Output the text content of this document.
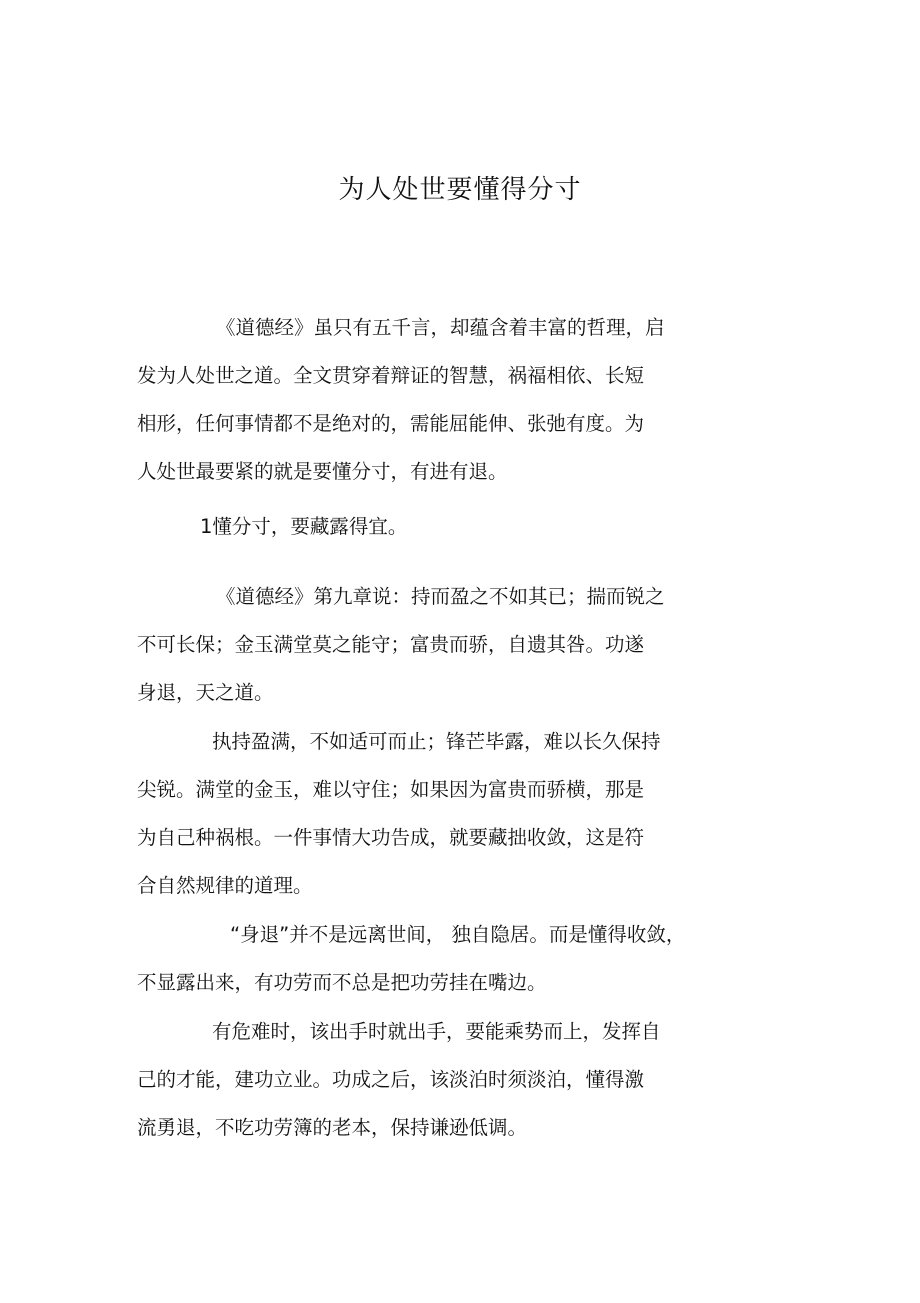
为人处世要懂得分寸
《道德经》虽只有五千言，却蕴含着丰富的哲理，启
发为人处世之道。全文贯穿着辩证的智慧，祸福相依、长短
相形，任何事情都不是绝对的，需能屈能伸、张弛有度。为
人处世最要紧的就是要懂分寸，有进有退。
1懂分寸，要藏露得宜。
《道德经》第九章说：持而盈之不如其已；揣而锐之
不可长保；金玉满堂莫之能守；富贵而骄，自遗其咎。功遂
身退，天之道。
执持盈满，不如适可而止；锋芒毕露，难以长久保持
尖锐。满堂的金玉，难以守住；如果因为富贵而骄横，那是
为自己种祸根。一件事情大功告成，就要藏拙收敛，这是符
合自然规律的道理。
“身退”并不是远离世间， 独自隐居。而是懂得收敛，
不显露出来，有功劳而不总是把功劳挂在嘴边。
有危难时，该出手时就出手，要能乘势而上，发挥自
己的才能，建功立业。功成之后，该淡泊时须淡泊，懂得激
流勇退，不吃功劳簿的老本，保持谦逊低调。
